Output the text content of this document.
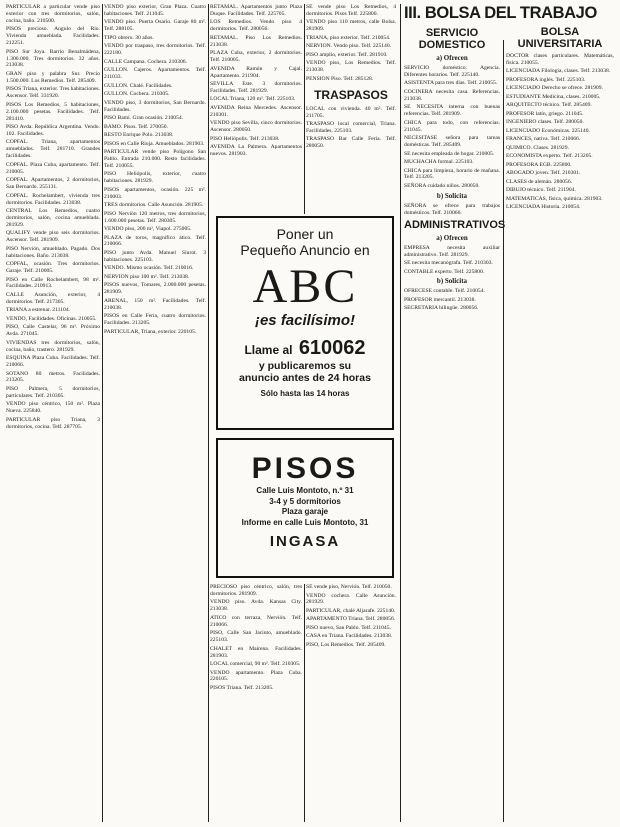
PARTICULAR a particular vende piso exterior con tres dormitorios, salón, cocina, baño. 210500.

PISOS precioso. Angulo del Río. Vivienda amueblada. Facilidades. 212251.

PISO Sur Joya. Barrio Benalmádena, 1.300.000. Tres dormitorios. 32 años. 213038.

GRAN piso y palabra Sur. Precio 1.500.000. Los Remedios. Telf. 285409.

PISOS Triana, exterior. Tres habitaciones. Ascensor. Telf. 331920.

PISOS Los Remedios, 5 habitaciones, 2.100.000 pesetas. Facilidades. Telf. 281410.

PISO Avda. República Argentina. Vendo. 102. Facilidades.

COPFAL. Triana, apartamentos amueblados. Telf. 281710. Grandes facilidades.

COPFAL. Plaza Cuba, apartamento. Telf. 210005.

COPFAL. Apartamentos, 2 dormitorios, San Bernardo. 255131.

COPFAL. Rochelambert, vivienda tres dormitorios. Facilidades. 213038.

CENTRAL Los Remedios, cuatro dormitorios, salón, cocina amueblada. 281929.

QUALIFY vende piso seis dormitorios. Ascensor. Telf. 281909.

PISO Nervión, amueblado. Pagado. Dos habitaciones. Baño. 213038.

COPFAL, ocasión. Tres dormitorios. Garaje. Telf. 210005.

PISO en Calle Rochelambert, 98 m². Facilidades. 210913.

CALLE Asunción, exterior, 4 dormitorios. Telf. 217305.

TRIANA a estrenar. 211104.

VENDO, Facilidades. Oficinas. 210055.

PISO, Calle Castelar, 96 m². Próximo Avda. 271045.

VIVIENDAS tres dormitorios, salón, cocina, baño, trastero. 281929.

ESQUINA Plaza Cuba. Facilidades. Telf. 210066.

SOTANO 80 metros. Facilidades. 213205.

PISO Palmera, 5 dormitorios, particulares. Telf. 210305.

VENDO piso céntrico, 150 m². Plaza Nueva. 225840.

PARTICULAR piso Triana, 3 dormitorios, cocina. Telf. 287705.

VENDO piso exterior, Gran Plaza. Cuatro habitaciones. Telf. 211045.

VENDO piso. Puerta Osario. Garaje 80 m². Telf. 288105.

TIPO obrero. 30 años.

VENDO por traspaso, tres dormitorios. Telf. 222180.

CALLE Campana. Cochera. 210306.

GULLON. Cajeros. Apartamentos. Telf. 211033.

GULLON. Chalé. Facilidades.

GULLON. Cochera. 210305.

VENDO piso, 3 dormitorios, San Bernardo. Facilidades.

PISO Bami. Gran ocasión. 210054.

BAMO. Pisos. Telf. 270050.

RESTO Enrique Polo. 213038.

PISOS en Calle Rioja. Amueblados. 281903.

PARTICULAR vende piso Polígono San Pablo. Entrada 210.000. Resto facilidades. Telf. 210055.

PISO Heliópolis, exterior, cuatro habitaciones. 281929.

PISOS apartamentos, ocasión. 225 m². 210003.

TRES dormitorios. Calle Asunción. 281905.

PISO Nervión 120 metros, tres dormitorios, 1.600.000 pesetas. Telf. 280305.

VENDO piso, 200 m², Viapol. 275005.

PLAZA de toros, magnífico ático. Telf. 210066.

PISO junto Avda. Manuel Siurot. 3 habitaciones. 225103.

VENDO. Mismo ocasión. Telf. 210016.

NERVION piso 100 m². Telf. 213038.

PISOS nuevos, Tomares, 2.000.000 pesetas. 281909.

ARENAL, 150 m². Facilidades. Telf. 210038.

PISOS en Calle Feria, cuatro dormitorios. Facilidades. 213205.

PARTICULAR, Triana, exterior. 220105.

RETAMAL. Apartamentos junto Plaza Duque. Facilidades. Telf. 225705.

LOS Remedios. Vendo piso 4 dormitorios. Telf. 280056.

RETAMAL. Piso Los Remedios. 213038.

PLAZA Cuba, exterior, 2 dormitorios. Telf. 210005.

AVENIDA Ramón y Cajal. Apartamento. 211904.

SEVILLA Este. 3 dormitorios. Facilidades. Telf. 281929.

LOCAL Triana, 120 m². Telf. 225103.

AVENIDA Reina Mercedes. Ascensor. 210301.

VENDO piso Sevilla, cinco dormitorios. Ascensor. 280050.

PISO Heliópolis. Telf. 213038.

AVENIDA La Palmera. Apartamentos nuevos. 281903.

SE vende piso Los Remedios, 4 dormitorios. Pisos Telf. 225800.

VENDO piso 110 metros, calle Bolsa. 281909.

TRIANA, piso exterior. Telf. 210054.

NERVION. Vendo piso. Telf. 225140.

PISO amplio, exterior. Telf. 281910.

VENDO piso, Los Remedios. Telf. 213038.

PENSION Piso. Telf. 285128.

TRASPASOS

LOCAL con vivienda. 40 m². Telf. 211705.

TRASPASO local comercial, Triana. Facilidades. 225103.

TRASPASO Bar Calle Feria. Telf. 280050.

Poner un
Pequeño Anuncio en
ABC
¡es facilísimo!
Llame al 610062
y publicaremos su
anuncio antes de 24 horas
Sólo hasta las 14 horas
PISOS
Calle Luis Montoto, n.º 31
3-4 y 5 dormitorios
Plaza garaje
Informe en calle Luis Montoto, 31
INGASA

PRECIOSO piso céntrico, salón, tres dormitorios. 281909.

VENDO piso. Avda. Kansas City. 213038.

ATICO con terraza, Nervión. Telf. 210066.

PISO, Calle San Jacinto, amueblado. 225103.

CHALET en Mairena. Facilidades. 281903.

LOCAL comercial, 90 m². Telf. 210305.

VENDO apartamento. Plaza Cuba. 220105.

PISOS Triana. Telf. 213205.

SE vende piso, Nervión. Telf. 210050.

VENDO cochera. Calle Asunción. 281929.

PARTICULAR, chalé Aljarafe. 225140.

APARTAMENTO Triana. Telf. 280056.

PISO nuevo, San Pablo. Telf. 211045.

CASA en Triana. Facilidades. 213038.

PISO, Los Remedios. Telf. 285409.

III. BOLSA DEL TRABAJO
SERVICIO DOMESTICO
a) Ofrecen

SERVICIO doméstico. Agencia. Diferentes horarios. Telf. 225140.

ASISTENTA para tres días. Telf. 210055.

COCINERA necesita casa. Referencias. 213038.

SE NECESITA interna con buenas referencias. Telf. 281909.

CHICA para todo, con referencias. 211045.

NECESITASE señora para tareas domésticas. Telf. 285409.

SE necesita empleada de hogar. 210005.

MUCHACHA formal. 225103.

CHICA para limpieza, horario de mañana. Telf. 213205.

SEÑORA cuidado niños. 280050.

b) Solicita

SEÑORA se ofrece para trabajos domésticos. Telf. 210066.

ADMINISTRATIVOS
a) Ofrecen

EMPRESA necesita auxiliar administrativo. Telf. 281929.

SE necesita mecanógrafa. Telf. 210303.

CONTABLE experto. Telf. 225800.

b) Solicita

OFRECESE contable. Telf. 210054.

PROFESOR mercantil. 213038.

SECRETARIA bilingüe. 280056.

BOLSA UNIVERSITARIA

DOCTOR clases particulares. Matemáticas, física. 210055.

LICENCIADA Filología, clases. Telf. 213038.

PROFESORA inglés. Telf. 225103.

LICENCIADO Derecho se ofrece. 281909.

ESTUDIANTE Medicina, clases. 210005.

ARQUITECTO técnico. Telf. 285409.

PROFESOR latín, griego. 211045.

INGENIERO clases. Telf. 280050.

LICENCIADO Económicas. 225140.

FRANCES, nativa. Telf. 210066.

QUIMICO. Clases. 281929.

ECONOMISTA experto. Telf. 213205.

PROFESORA EGB. 225800.

ABOGADO joven. Telf. 210301.

CLASES de alemán. 280056.

DIBUJO técnico. Telf. 211904.

MATEMATICAS, física, química. 281903.

LICENCIADA Historia. 210054.
